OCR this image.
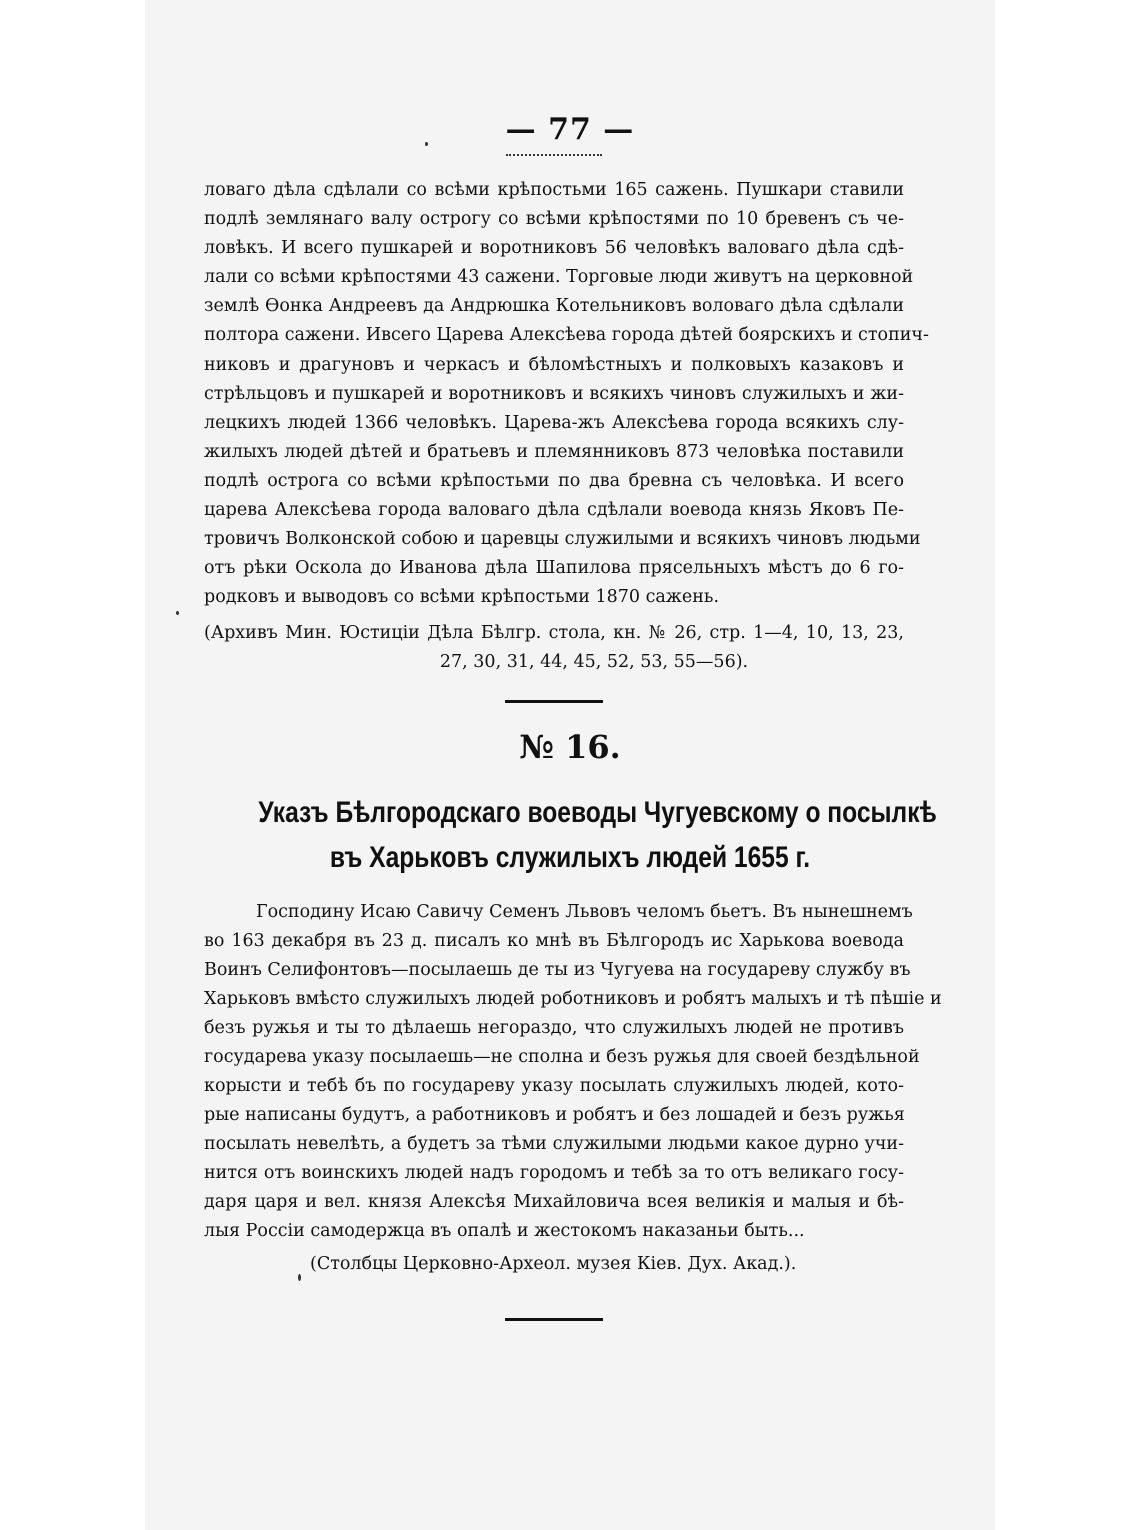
— 77 —
ловаго дѣла сдѣлали со всѣми крѣпостьми 165 сажень. Пушкари ставили
подлѣ землянаго валу острогу со всѣми крѣпостями по 10 бревенъ съ че-
ловѣкъ. И всего пушкарей и воротниковъ 56 человѣкъ валоваго дѣла сдѣ-
лали со всѣми крѣпостями 43 сажени. Торговые люди живутъ на церковной
землѣ Ѳонка Андреевъ да Андрюшка Котельниковъ воловаго дѣла сдѣлали
полтора сажени. Ивсего Царева Алексѣева города дѣтей боярскихъ и стопич-
никовъ и драгуновъ и черкасъ и бѣломѣстныхъ и полковыхъ казаковъ и
стрѣльцовъ и пушкарей и воротниковъ и всякихъ чиновъ служилыхъ и жи-
лецкихъ людей 1366 человѣкъ. Царева-жъ Алексѣева города всякихъ слу-
жилыхъ людей дѣтей и братьевъ и племянниковъ 873 человѣка поставили
подлѣ острога со всѣми крѣпостьми по два бревна съ человѣка. И всего
царева Алексѣева города валоваго дѣла сдѣлали воевода князь Яковъ Пе-
тровичъ Волконской собою и царевцы служилыми и всякихъ чиновъ людьми
отъ рѣки Оскола до Иванова дѣла Шапилова прясельныхъ мѣстъ до 6 го-
родковъ и выводовъ со всѣми крѣпостьми 1870 сажень.
(Архивъ Мин. Юстиціи Дѣла Бѣлгр. стола, кн. № 26, стр. 1—4, 10, 13, 23,
27, 30, 31, 44, 45, 52, 53, 55—56).
№ 16.
Указъ Бѣлгородскаго воеводы Чугуевскому о посылкѣ
въ Харьковъ служилыхъ людей 1655 г.
Господину Исаю Савичу Семенъ Львовъ челомъ бьетъ. Въ нынешнемъ
во 163 декабря въ 23 д. писалъ ко мнѣ въ Бѣлгородъ ис Харькова воевода
Воинъ Селифонтовъ—посылаешь де ты из Чугуева на государеву службу въ
Харьковъ вмѣсто служилыхъ людей роботниковъ и робятъ малыхъ и тѣ пѣшіе и
безъ ружья и ты то дѣлаешь негораздо, что служилыхъ людей не противъ
государева указу посылаешь—не сполна и безъ ружья для своей бездѣльной
корысти и тебѣ бъ по государеву указу посылать служилыхъ людей, кото-
рые написаны будутъ, а работниковъ и робятъ и без лошадей и безъ ружья
посылать невелѣть, а будетъ за тѣми служилыми людьми какое дурно учи-
нится отъ воинскихъ людей надъ городомъ и тебѣ за то отъ великаго госу-
даря царя и вел. князя Алексѣя Михайловича всея великія и малыя и бѣ-
лыя Россіи самодержца въ опалѣ и жестокомъ наказаньи быть...
(Столбцы Церковно-Археол. музея Кіев. Дух. Акад.).
